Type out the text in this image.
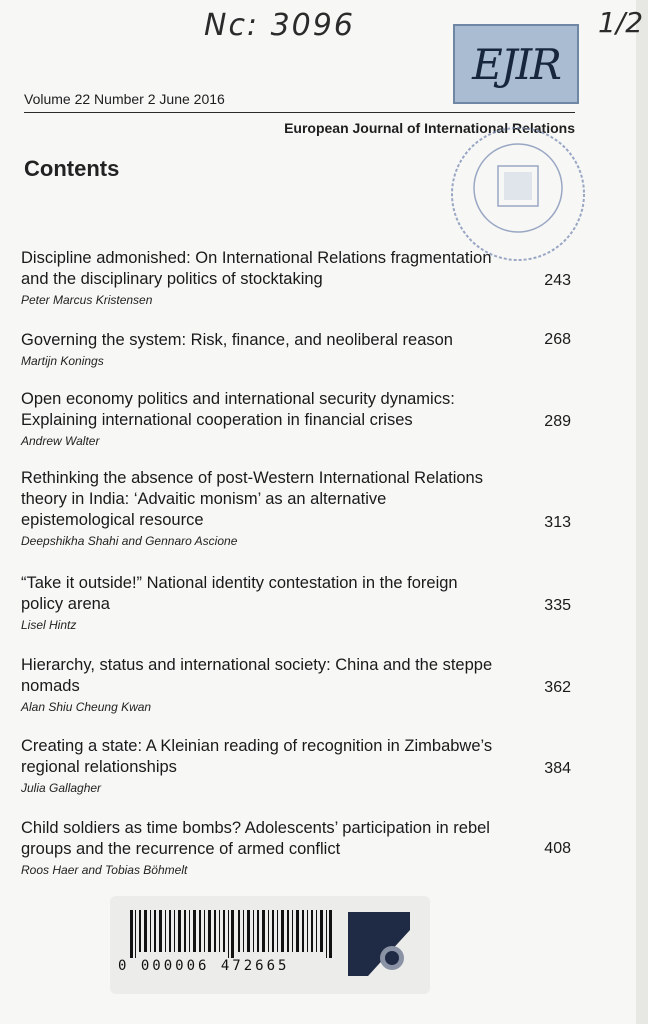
Nc: 3096	1/2
EJIR
Volume 22 Number 2 June 2016
European Journal of International Relations
Contents
Discipline admonished: On International Relations fragmentation and the disciplinary politics of stocktaking
Peter Marcus Kristensen
243
Governing the system: Risk, finance, and neoliberal reason
Martijn Konings
268
Open economy politics and international security dynamics: Explaining international cooperation in financial crises
Andrew Walter
289
Rethinking the absence of post-Western International Relations theory in India: ‘Advaitic monism’ as an alternative epistemological resource
Deepshikha Shahi and Gennaro Ascione
313
“Take it outside!” National identity contestation in the foreign policy arena
Lisel Hintz
335
Hierarchy, status and international society: China and the steppe nomads
Alan Shiu Cheung Kwan
362
Creating a state: A Kleinian reading of recognition in Zimbabwe’s regional relationships
Julia Gallagher
384
Child soldiers as time bombs? Adolescents’ participation in rebel groups and the recurrence of armed conflict
Roos Haer and Tobias Böhmelt
408
0 000006 472665
